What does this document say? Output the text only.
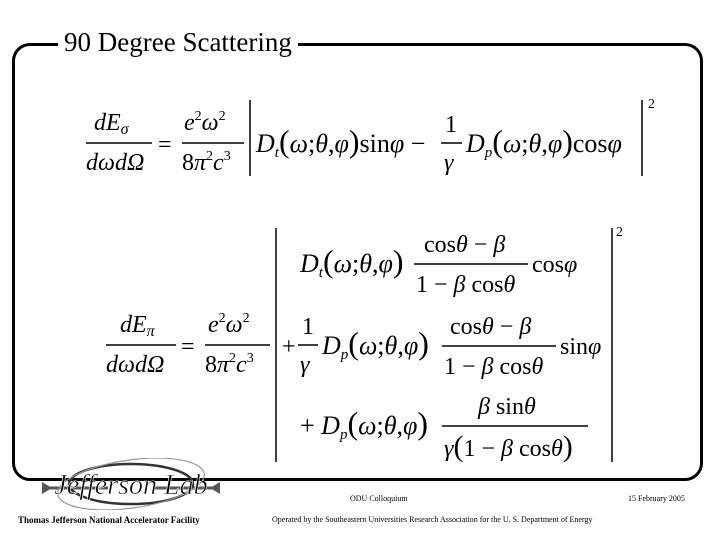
90 Degree Scattering
dEσ
dωdΩ
=
$e^2\omega^2$
$8\pi^2c^3$ Dt(ω;θ,φ)sinφ −
1
γ
Dp(ω;θ,φ)cosφ
2
dEπ
dωdΩ
=
$e^2\omega^2$
$8\pi^2c^3$
Dt(ω;θ,φ) cosθ − β
1 − β cosθ
cosφ
+
1
γ
Dp(ω;θ,φ) cosθ − β
1 − β cosθ
sinφ
+ Dp(ω;θ,φ) β sinθ
γ(1 − β cosθ)
2
Jefferson Lab
Thomas Jefferson National Accelerator Facility
ODU Colloquium
Operated by the Southeastern Universities Research Association for the U. S. Department of Energy
15 February 2005
